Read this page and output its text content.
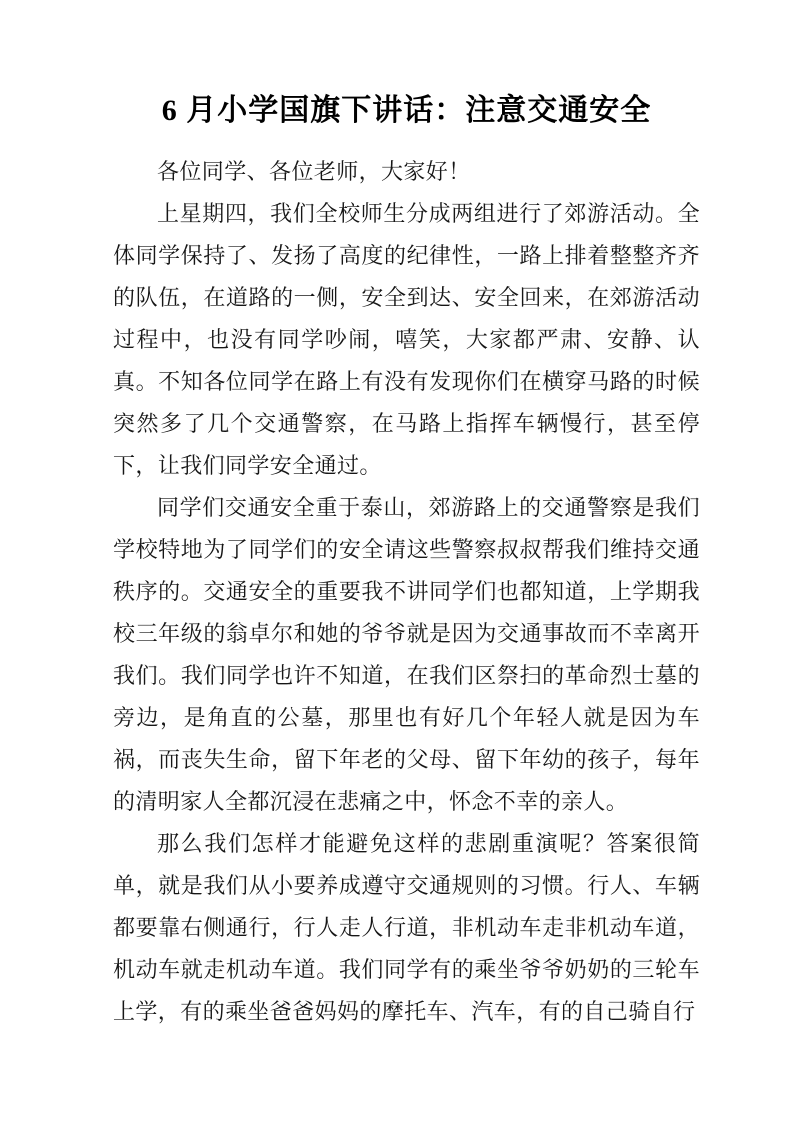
6 月小学国旗下讲话：注意交通安全

各位同学、各位老师，大家好！

上星期四，我们全校师生分成两组进行了郊游活动。全体同学保持了、发扬了高度的纪律性，一路上排着整整齐齐的队伍，在道路的一侧，安全到达、安全回来，在郊游活动过程中，也没有同学吵闹，嘻笑，大家都严肃、安静、认真。不知各位同学在路上有没有发现你们在横穿马路的时候突然多了几个交通警察，在马路上指挥车辆慢行，甚至停下，让我们同学安全通过。

同学们交通安全重于泰山，郊游路上的交通警察是我们学校特地为了同学们的安全请这些警察叔叔帮我们维持交通秩序的。交通安全的重要我不讲同学们也都知道，上学期我校三年级的翁卓尔和她的爷爷就是因为交通事故而不幸离开我们。我们同学也许不知道，在我们区祭扫的革命烈士墓的旁边，是角直的公墓，那里也有好几个年轻人就是因为车祸，而丧失生命，留下年老的父母、留下年幼的孩子，每年的清明家人全都沉浸在悲痛之中，怀念不幸的亲人。

那么我们怎样才能避免这样的悲剧重演呢？答案很简单，就是我们从小要养成遵守交通规则的习惯。行人、车辆都要靠右侧通行，行人走人行道，非机动车走非机动车道，机动车就走机动车道。我们同学有的乘坐爷爷奶奶的三轮车上学，有的乘坐爸爸妈妈的摩托车、汽车，有的自己骑自行
